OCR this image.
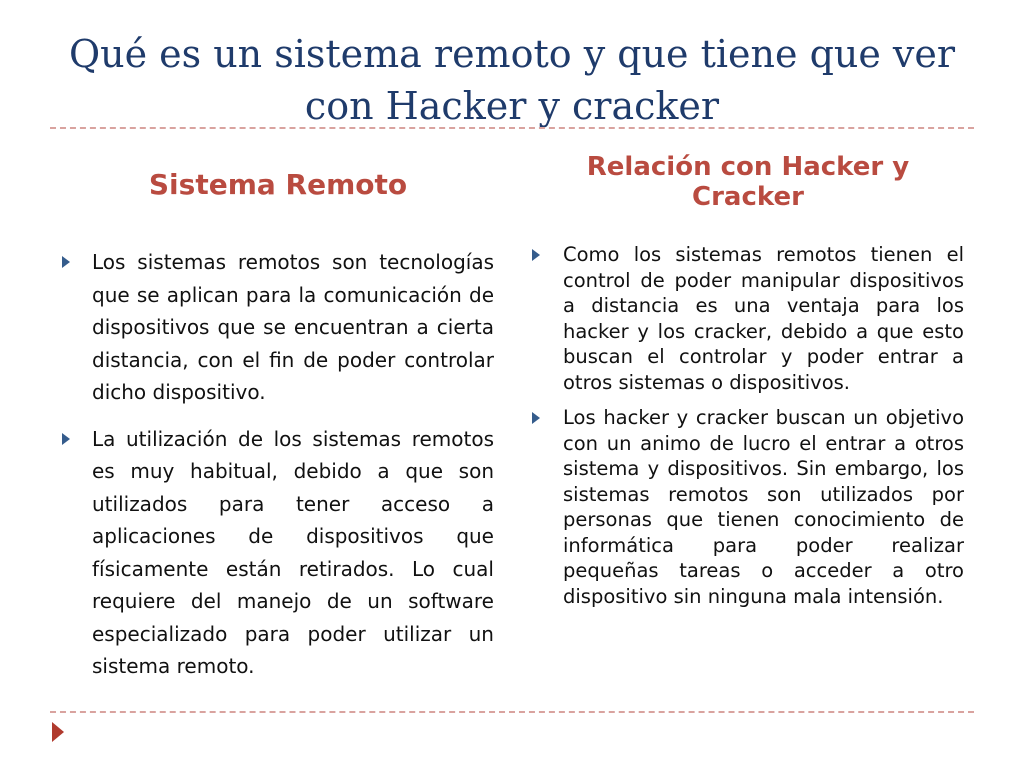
Qué es un sistema remoto y que tiene que ver con Hacker y cracker
Sistema Remoto
Relación con Hacker y Cracker
Los sistemas remotos son tecnologías que se aplican para la comunicación de dispositivos que se encuentran a cierta distancia, con el fin de poder controlar dicho dispositivo.
La utilización de los sistemas remotos es muy habitual, debido a que son utilizados para tener acceso a aplicaciones de dispositivos que físicamente están retirados. Lo cual requiere del manejo de un software especializado para poder utilizar un sistema remoto.
Como los sistemas remotos tienen el control de poder manipular dispositivos a distancia es una ventaja para los hacker y los cracker, debido a que esto buscan el controlar y poder entrar a otros sistemas o dispositivos.
Los hacker y cracker buscan un objetivo con un animo de lucro el entrar a otros sistema y dispositivos. Sin embargo, los sistemas remotos son utilizados por personas que tienen conocimiento de informática para poder realizar pequeñas tareas o acceder a otro dispositivo sin ninguna mala intensión.
